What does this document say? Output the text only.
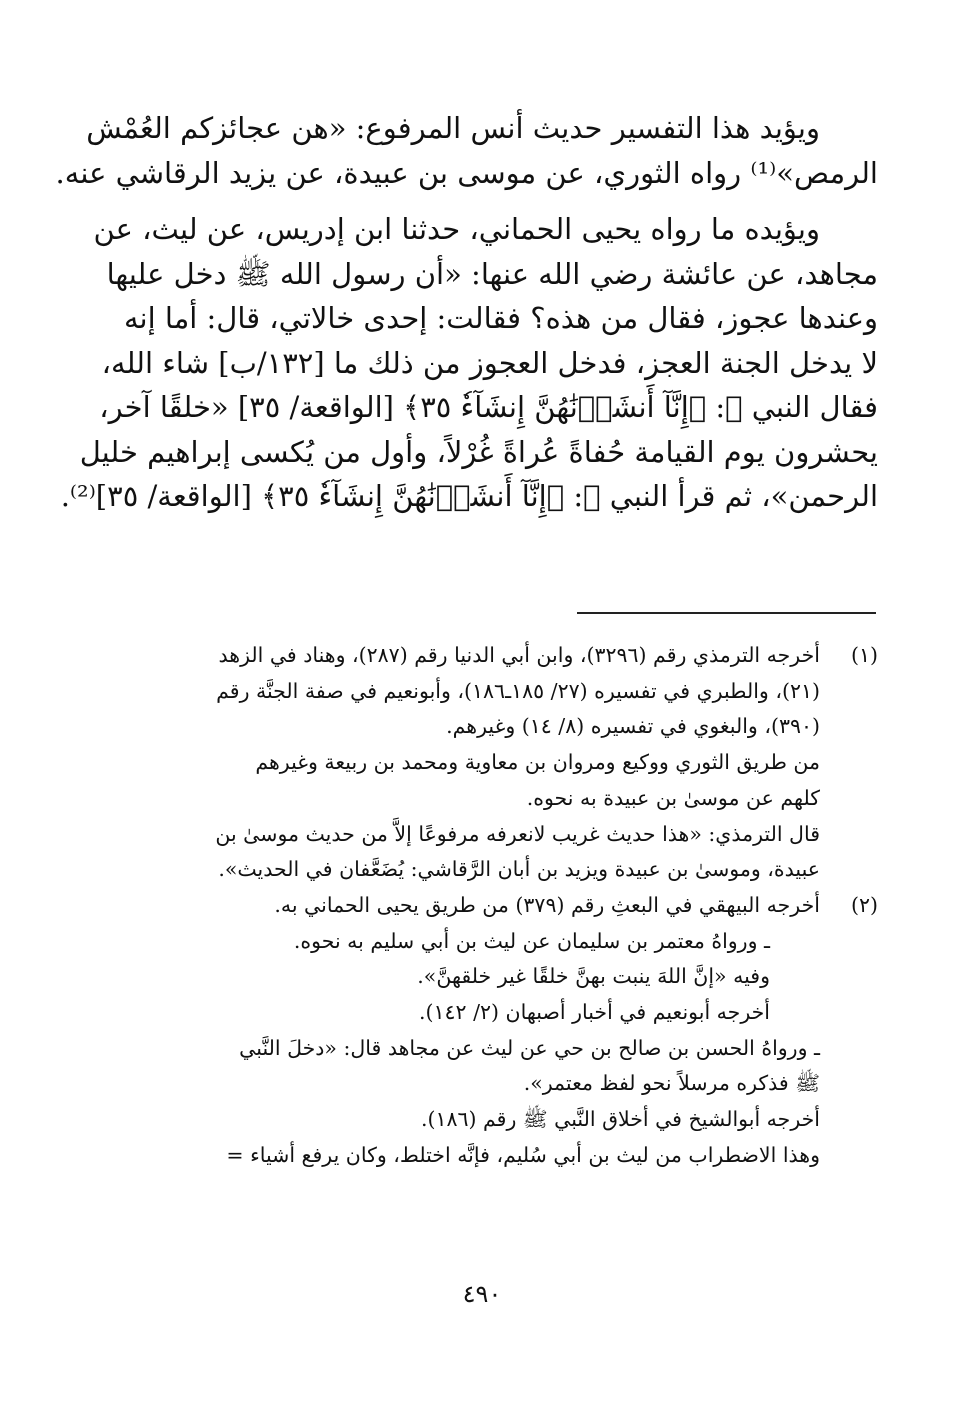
ويؤيد هذا التفسير حديث أنس المرفوع: «هن عجائزكم العُمْش
الرمص»⁽¹⁾ رواه الثوري، عن موسى بن عبيدة، عن يزيد الرقاشي عنه.

ويؤيده ما رواه يحيى الحماني، حدثنا ابن إدريس، عن ليث، عن
مجاهد، عن عائشة رضي الله عنها: «أن رسول الله ﷺ دخل عليها
وعندها عجوز، فقال من هذه؟ فقالت: إحدى خالاتي، قال: أما إنه
لا يدخل الجنة العجز، فدخل العجوز من ذلك ما [١٣٢/ب] شاء الله،
فقال النبي ﷺ: ﴿إِنَّآ أَنشَأۡنَٰهُنَّ إِنشَآءٗ ٣٥﴾ [الواقعة/ ٣٥] «خلقًا آخر،
يحشرون يوم القيامة حُفاةً عُراةً غُرْلاً، وأول من يُكسى إبراهيم خليل
الرحمن»، ثم قرأ النبي ﷺ: ﴿إِنَّآ أَنشَأۡنَٰهُنَّ إِنشَآءٗ ٣٥﴾ [الواقعة/ ٣٥]⁽²⁾.

(١)
أخرجه الترمذي رقم (٣٢٩٦)، وابن أبي الدنيا رقم (٢٨٧)، وهناد في الزهد
(٢١)، والطبري في تفسيره (٢٧/ ١٨٥ـ١٨٦)، وأبونعيم في صفة الجنَّة رقم
(٣٩٠)، والبغوي في تفسيره (٨/ ١٤) وغيرهم.
من طريق الثوري ووكيع ومروان بن معاوية ومحمد بن ربيعة وغيرهم
كلهم عن موسىٰ بن عبيدة به نحوه.
قال الترمذي: «هذا حديث غريب لانعرفه مرفوعًا إلاَّ من حديث موسىٰ بن
عبيدة، وموسىٰ بن عبيدة ويزيد بن أبان الرَّقاشي: يُضَعَّفان في الحديث».
(٢)
أخرجه البيهقي في البعثِ رقم (٣٧٩) من طريق يحيى الحماني به.
ـ ورواهُ معتمر بن سليمان عن ليث بن أبي سليم به نحوه.
وفيه «إنَّ اللهَ ينبت بهنَّ خلقًا غير خلقهنَّ».
أخرجه أبونعيم في أخبار أصبهان (٢/ ١٤٢).
ـ ورواهُ الحسن بن صالح بن حي عن ليث عن مجاهد قال: «دخلَ النَّبي
ﷺ فذكره مرسلاً نحو لفظ معتمر».
أخرجه أبوالشيخ في أخلاق النَّبي ﷺ رقم (١٨٦).
وهذا الاضطراب من ليث بن أبي سُليم، فإنَّه اختلط، وكان يرفع أشياء =
٤٩٠
